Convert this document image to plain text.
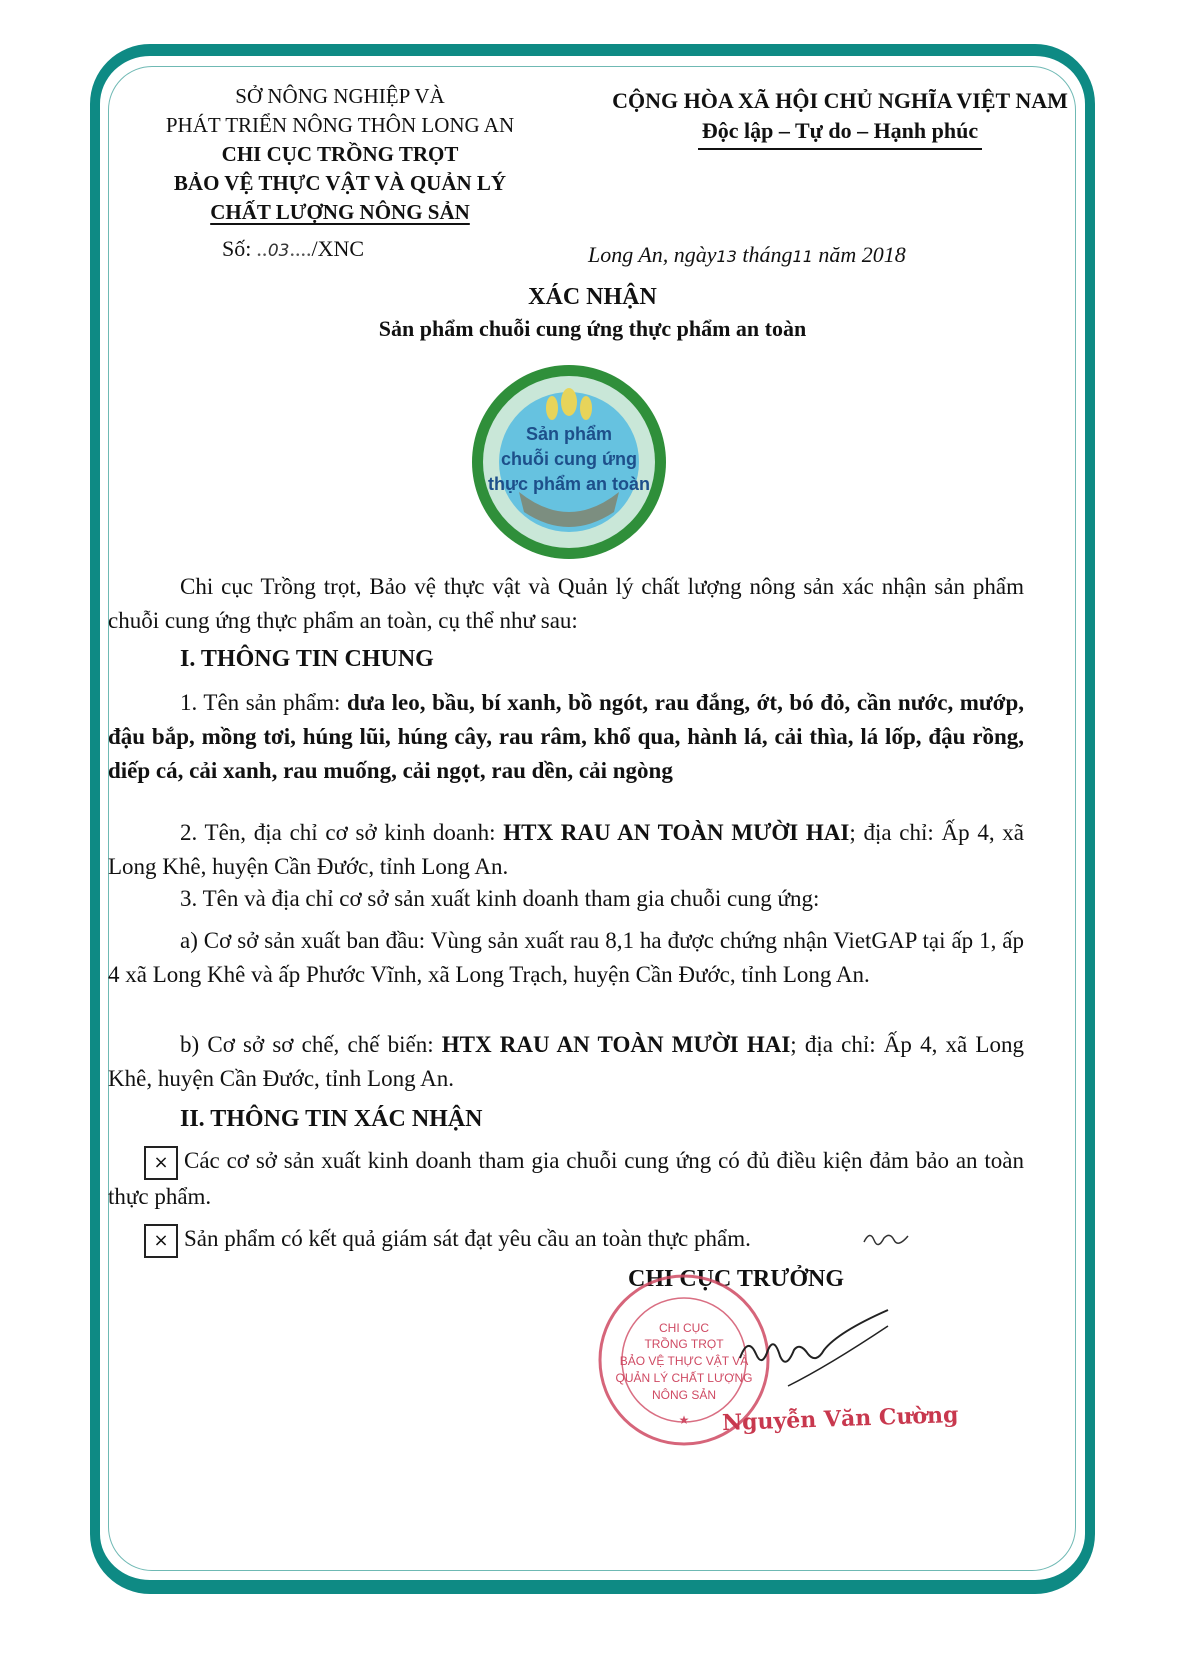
SỞ NÔNG NGHIỆP VÀ
PHÁT TRIỂN NÔNG THÔN LONG AN
CHI CỤC TRỒNG TRỌT
BẢO VỆ THỰC VẬT VÀ QUẢN LÝ
CHẤT LƯỢNG NÔNG SẢN
CỘNG HÒA XÃ HỘI CHỦ NGHĨA VIỆT NAM
Độc lập – Tự do – Hạnh phúc
Số: ..03..../XNC	Long An, ngày13 tháng11 năm 2018
XÁC NHẬN
Sản phẩm chuỗi cung ứng thực phẩm an toàn
Sản phẩm
chuỗi cung ứng
thực phẩm an toàn
Chi cục Trồng trọt, Bảo vệ thực vật và Quản lý chất lượng nông sản xác nhận sản phẩm chuỗi cung ứng thực phẩm an toàn, cụ thể như sau:
I. THÔNG TIN CHUNG
1. Tên sản phẩm: dưa leo, bầu, bí xanh, bồ ngót, rau đắng, ớt, bó đỏ, cần nước, mướp, đậu bắp, mồng tơi, húng lũi, húng cây, rau râm, khổ qua, hành lá, cải thìa, lá lốp, đậu rồng, diếp cá, cải xanh, rau muống, cải ngọt, rau dền, cải ngòng
2. Tên, địa chỉ cơ sở kinh doanh: HTX RAU AN TOÀN MƯỜI HAI; địa chỉ: Ấp 4, xã Long Khê, huyện Cần Đước, tỉnh Long An.
3. Tên và địa chỉ cơ sở sản xuất kinh doanh tham gia chuỗi cung ứng:
a) Cơ sở sản xuất ban đầu: Vùng sản xuất rau 8,1 ha được chứng nhận VietGAP tại ấp 1, ấp 4 xã Long Khê và ấp Phước Vĩnh, xã Long Trạch, huyện Cần Đước, tỉnh Long An.
b) Cơ sở sơ chế, chế biến: HTX RAU AN TOÀN MƯỜI HAI; địa chỉ: Ấp 4, xã Long Khê, huyện Cần Đước, tỉnh Long An.
II. THÔNG TIN XÁC NHẬN
× Các cơ sở sản xuất kinh doanh tham gia chuỗi cung ứng có đủ điều kiện đảm bảo an toàn thực phẩm.
× Sản phẩm có kết quả giám sát đạt yêu cầu an toàn thực phẩm.
CHI CỤC TRƯỞNG
CHI CỤC
TRỒNG TRỌT
BẢO VỆ THỰC VẬT VÀ
QUẢN LÝ CHẤT LƯỢNG
NÔNG SẢN
★ Nguyễn Văn Cường
